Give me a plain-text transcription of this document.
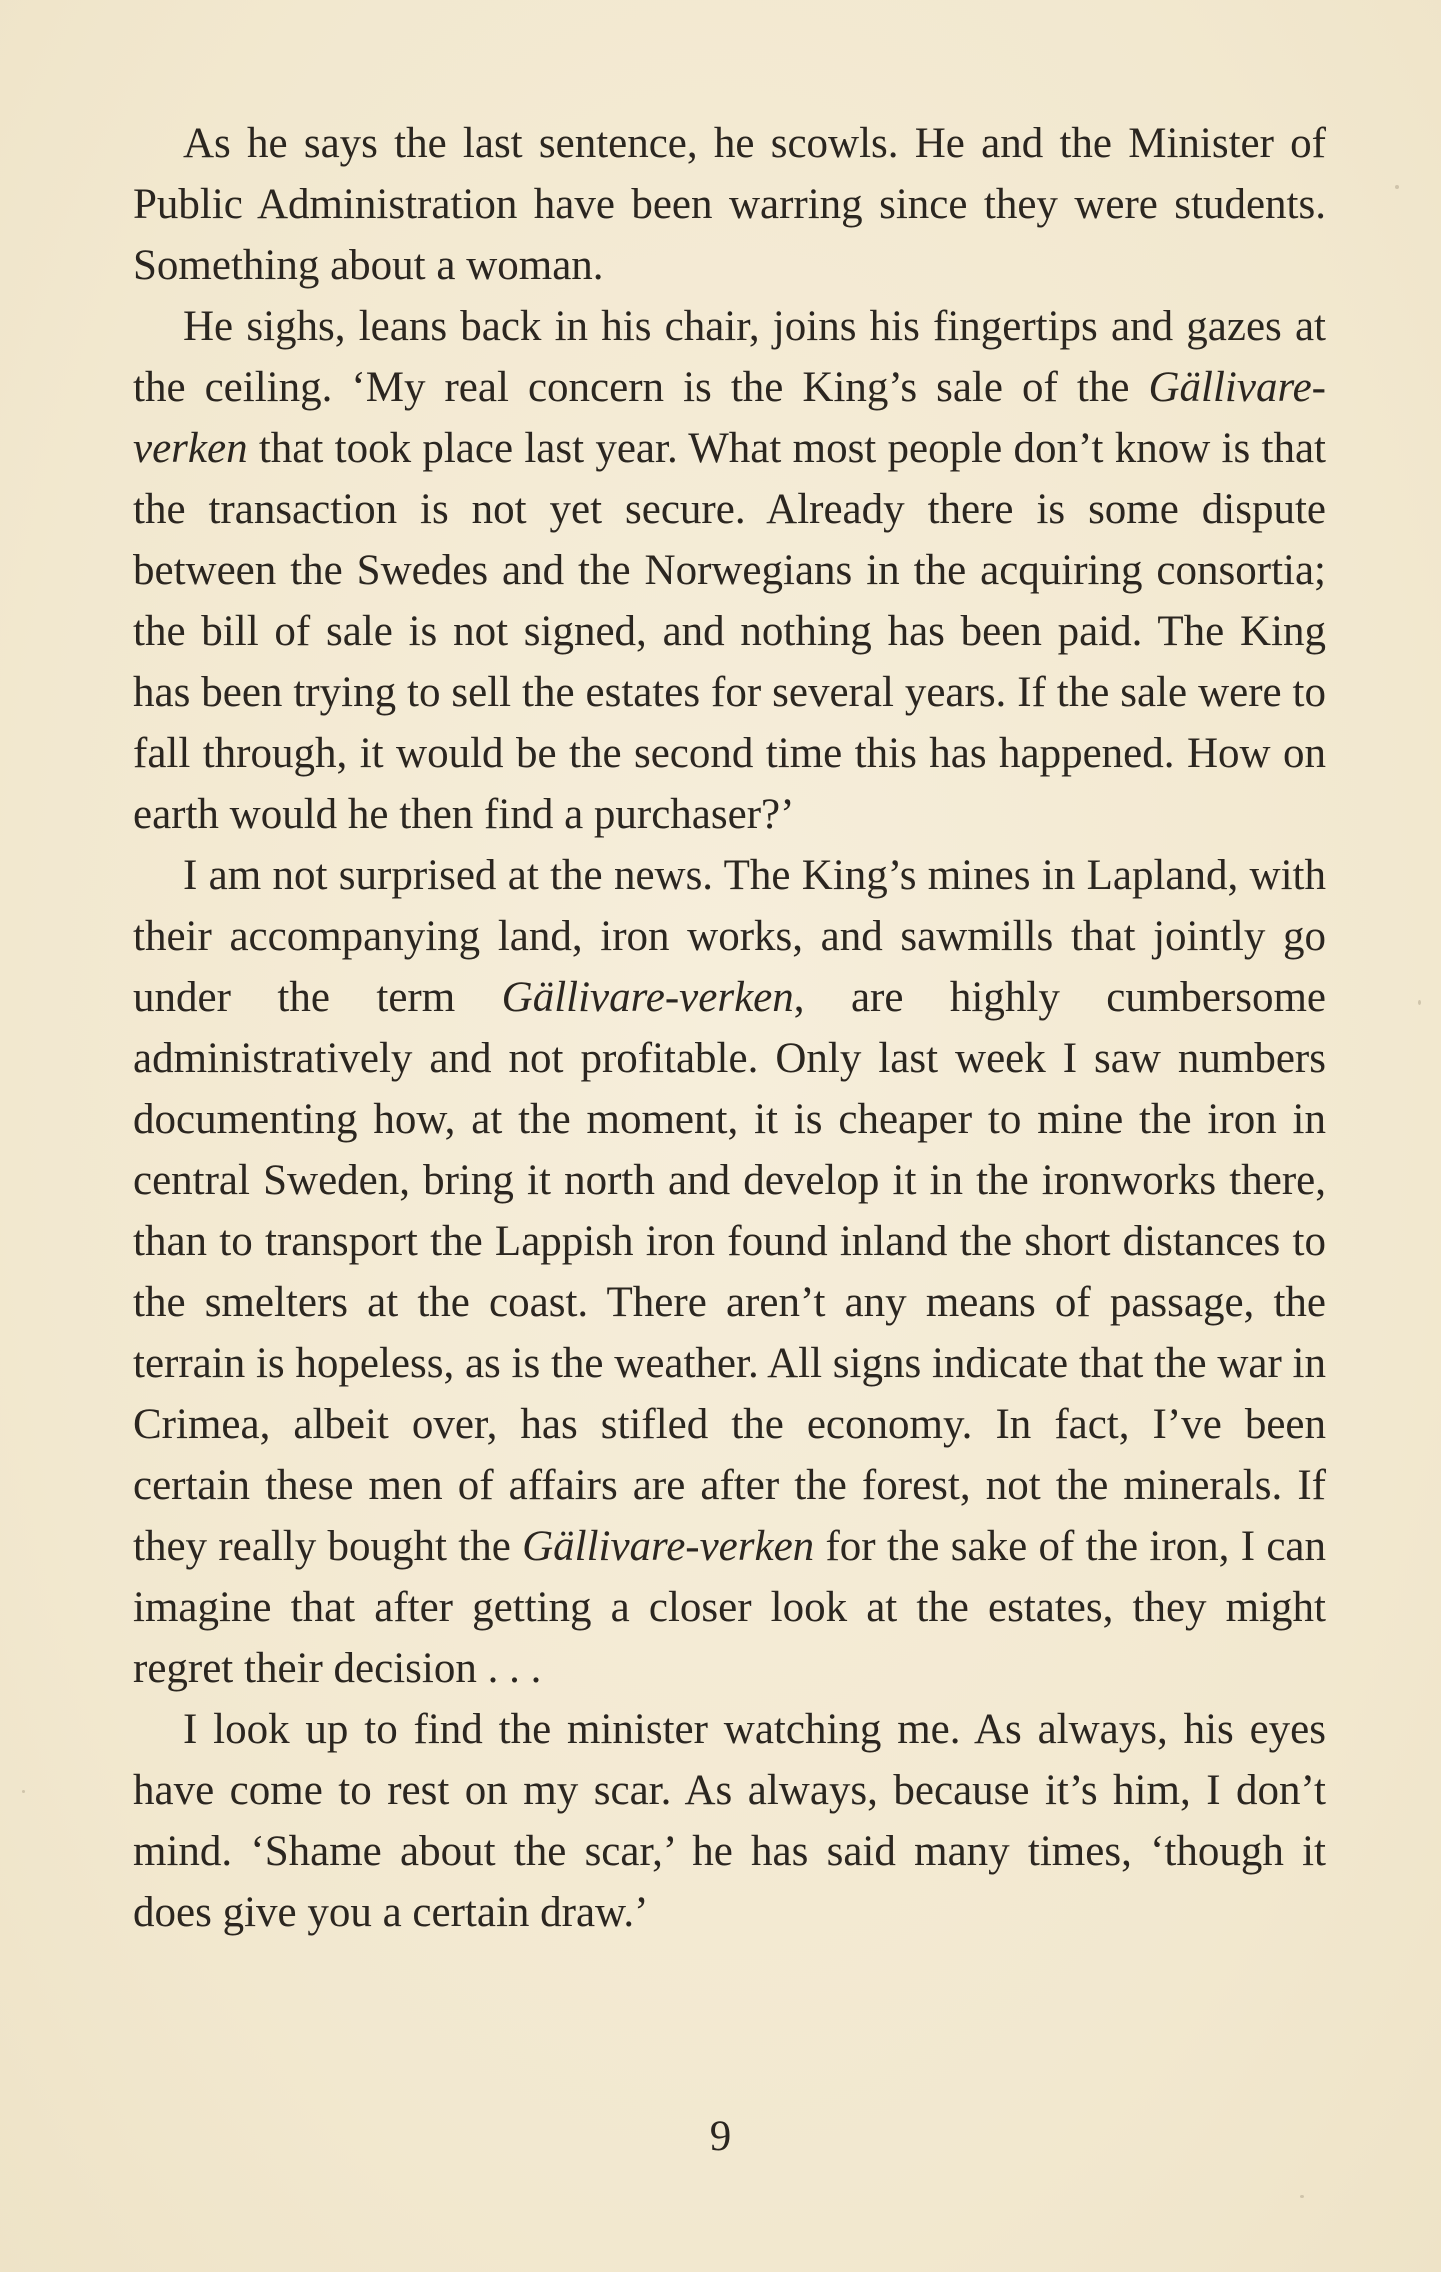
As he says the last sentence, he scowls. He and the Minister of Public Administration have been warring since they were students. Something about a woman.

He sighs, leans back in his chair, joins his fingertips and gazes at the ceiling. ‘My real concern is the King’s sale of the Gällivare-verken that took place last year. What most people don’t know is that the transaction is not yet secure. Already there is some dispute between the Swedes and the Norwegians in the acquiring consortia; the bill of sale is not signed, and nothing has been paid. The King has been trying to sell the estates for several years. If the sale were to fall through, it would be the second time this has happened. How on earth would he then find a purchaser?’

I am not surprised at the news. The King’s mines in Lapland, with their accompanying land, iron works, and sawmills that jointly go under the term Gällivare-verken, are highly cumbersome administratively and not profitable. Only last week I saw numbers documenting how, at the moment, it is cheaper to mine the iron in central Sweden, bring it north and develop it in the ironworks there, than to transport the Lappish iron found inland the short distances to the smelters at the coast. There aren’t any means of passage, the terrain is hopeless, as is the weather. All signs indicate that the war in Crimea, albeit over, has stifled the economy. In fact, I’ve been certain these men of affairs are after the forest, not the minerals. If they really bought the Gällivare-verken for the sake of the iron, I can imagine that after getting a closer look at the estates, they might regret their decision . . .

I look up to find the minister watching me. As always, his eyes have come to rest on my scar. As always, because it’s him, I don’t mind. ‘Shame about the scar,’ he has said many times, ‘though it does give you a certain draw.’

9
